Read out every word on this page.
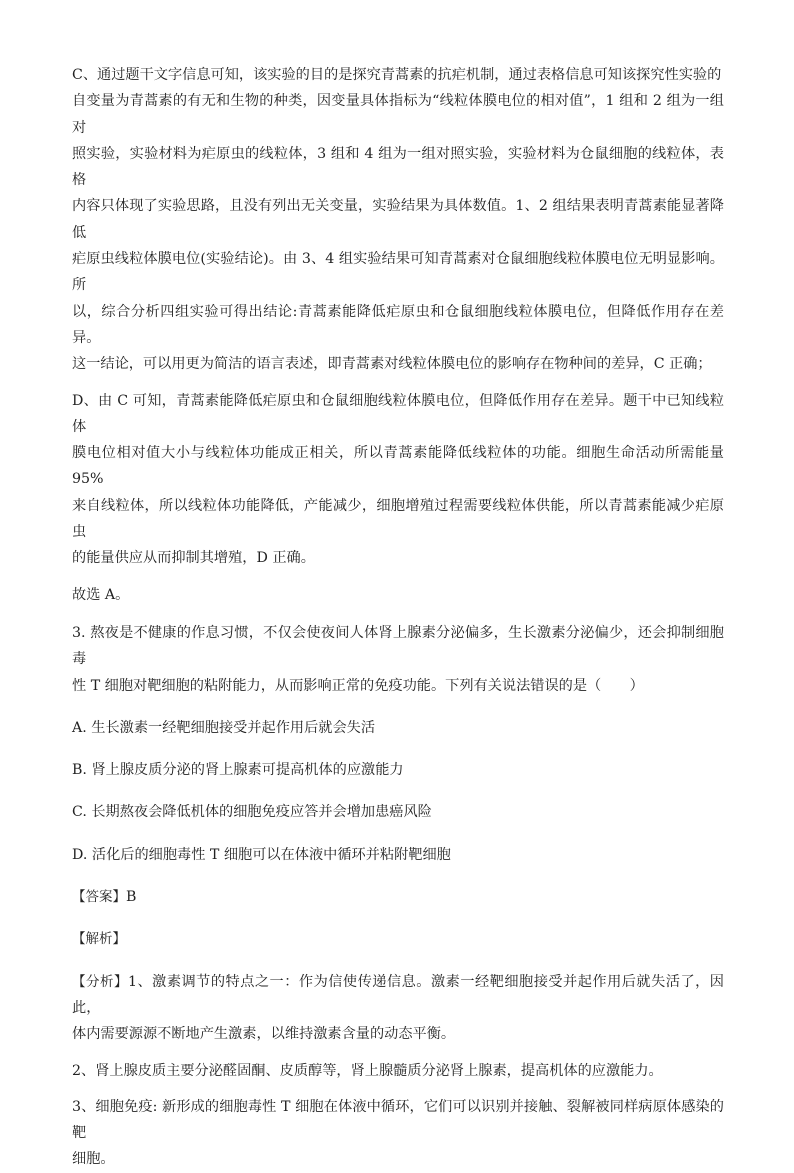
C、通过题干文字信息可知，该实验的目的是探究青蒿素的抗疟机制，通过表格信息可知该探究性实验的

自变量为青蒿素的有无和生物的种类，因变量具体指标为“线粒体膜电位的相对值”，1 组和 2 组为一组对

照实验，实验材料为疟原虫的线粒体，3 组和 4 组为一组对照实验，实验材料为仓鼠细胞的线粒体，表格

内容只体现了实验思路，且没有列出无关变量，实验结果为具体数值。1、2 组结果表明青蒿素能显著降低

疟原虫线粒体膜电位(实验结论)。由 3、4 组实验结果可知青蒿素对仓鼠细胞线粒体膜电位无明显影响。所

以，综合分析四组实验可得出结论:青蒿素能降低疟原虫和仓鼠细胞线粒体膜电位，但降低作用存在差异。

这一结论，可以用更为简洁的语言表述，即青蒿素对线粒体膜电位的影响存在物种间的差异，C 正确；

D、由 C 可知，青蒿素能降低疟原虫和仓鼠细胞线粒体膜电位，但降低作用存在差异。题干中已知线粒体

膜电位相对值大小与线粒体功能成正相关，所以青蒿素能降低线粒体的功能。细胞生命活动所需能量 95%

来自线粒体，所以线粒体功能降低，产能减少，细胞增殖过程需要线粒体供能，所以青蒿素能减少疟原虫

的能量供应从而抑制其增殖，D 正确。

故选 A。

3. 熬夜是不健康的作息习惯，不仅会使夜间人体肾上腺素分泌偏多，生长激素分泌偏少，还会抑制细胞毒

性 T 细胞对靶细胞的粘附能力，从而影响正常的免疫功能。下列有关说法错误的是（　　）

A. 生长激素一经靶细胞接受并起作用后就会失活

B. 肾上腺皮质分泌的肾上腺素可提高机体的应激能力

C. 长期熬夜会降低机体的细胞免疫应答并会增加患癌风险

D. 活化后的细胞毒性 T 细胞可以在体液中循环并粘附靶细胞

【答案】B

【解析】

【分析】1、激素调节的特点之一：作为信使传递信息。激素一经靶细胞接受并起作用后就失活了，因此，

体内需要源源不断地产生激素，以维持激素含量的动态平衡。

2、肾上腺皮质主要分泌醛固酮、皮质醇等，肾上腺髓质分泌肾上腺素，提高机体的应激能力。

3、细胞免疫: 新形成的细胞毒性 T 细胞在体液中循环，它们可以识别并接触、裂解被同样病原体感染的靶

细胞。
